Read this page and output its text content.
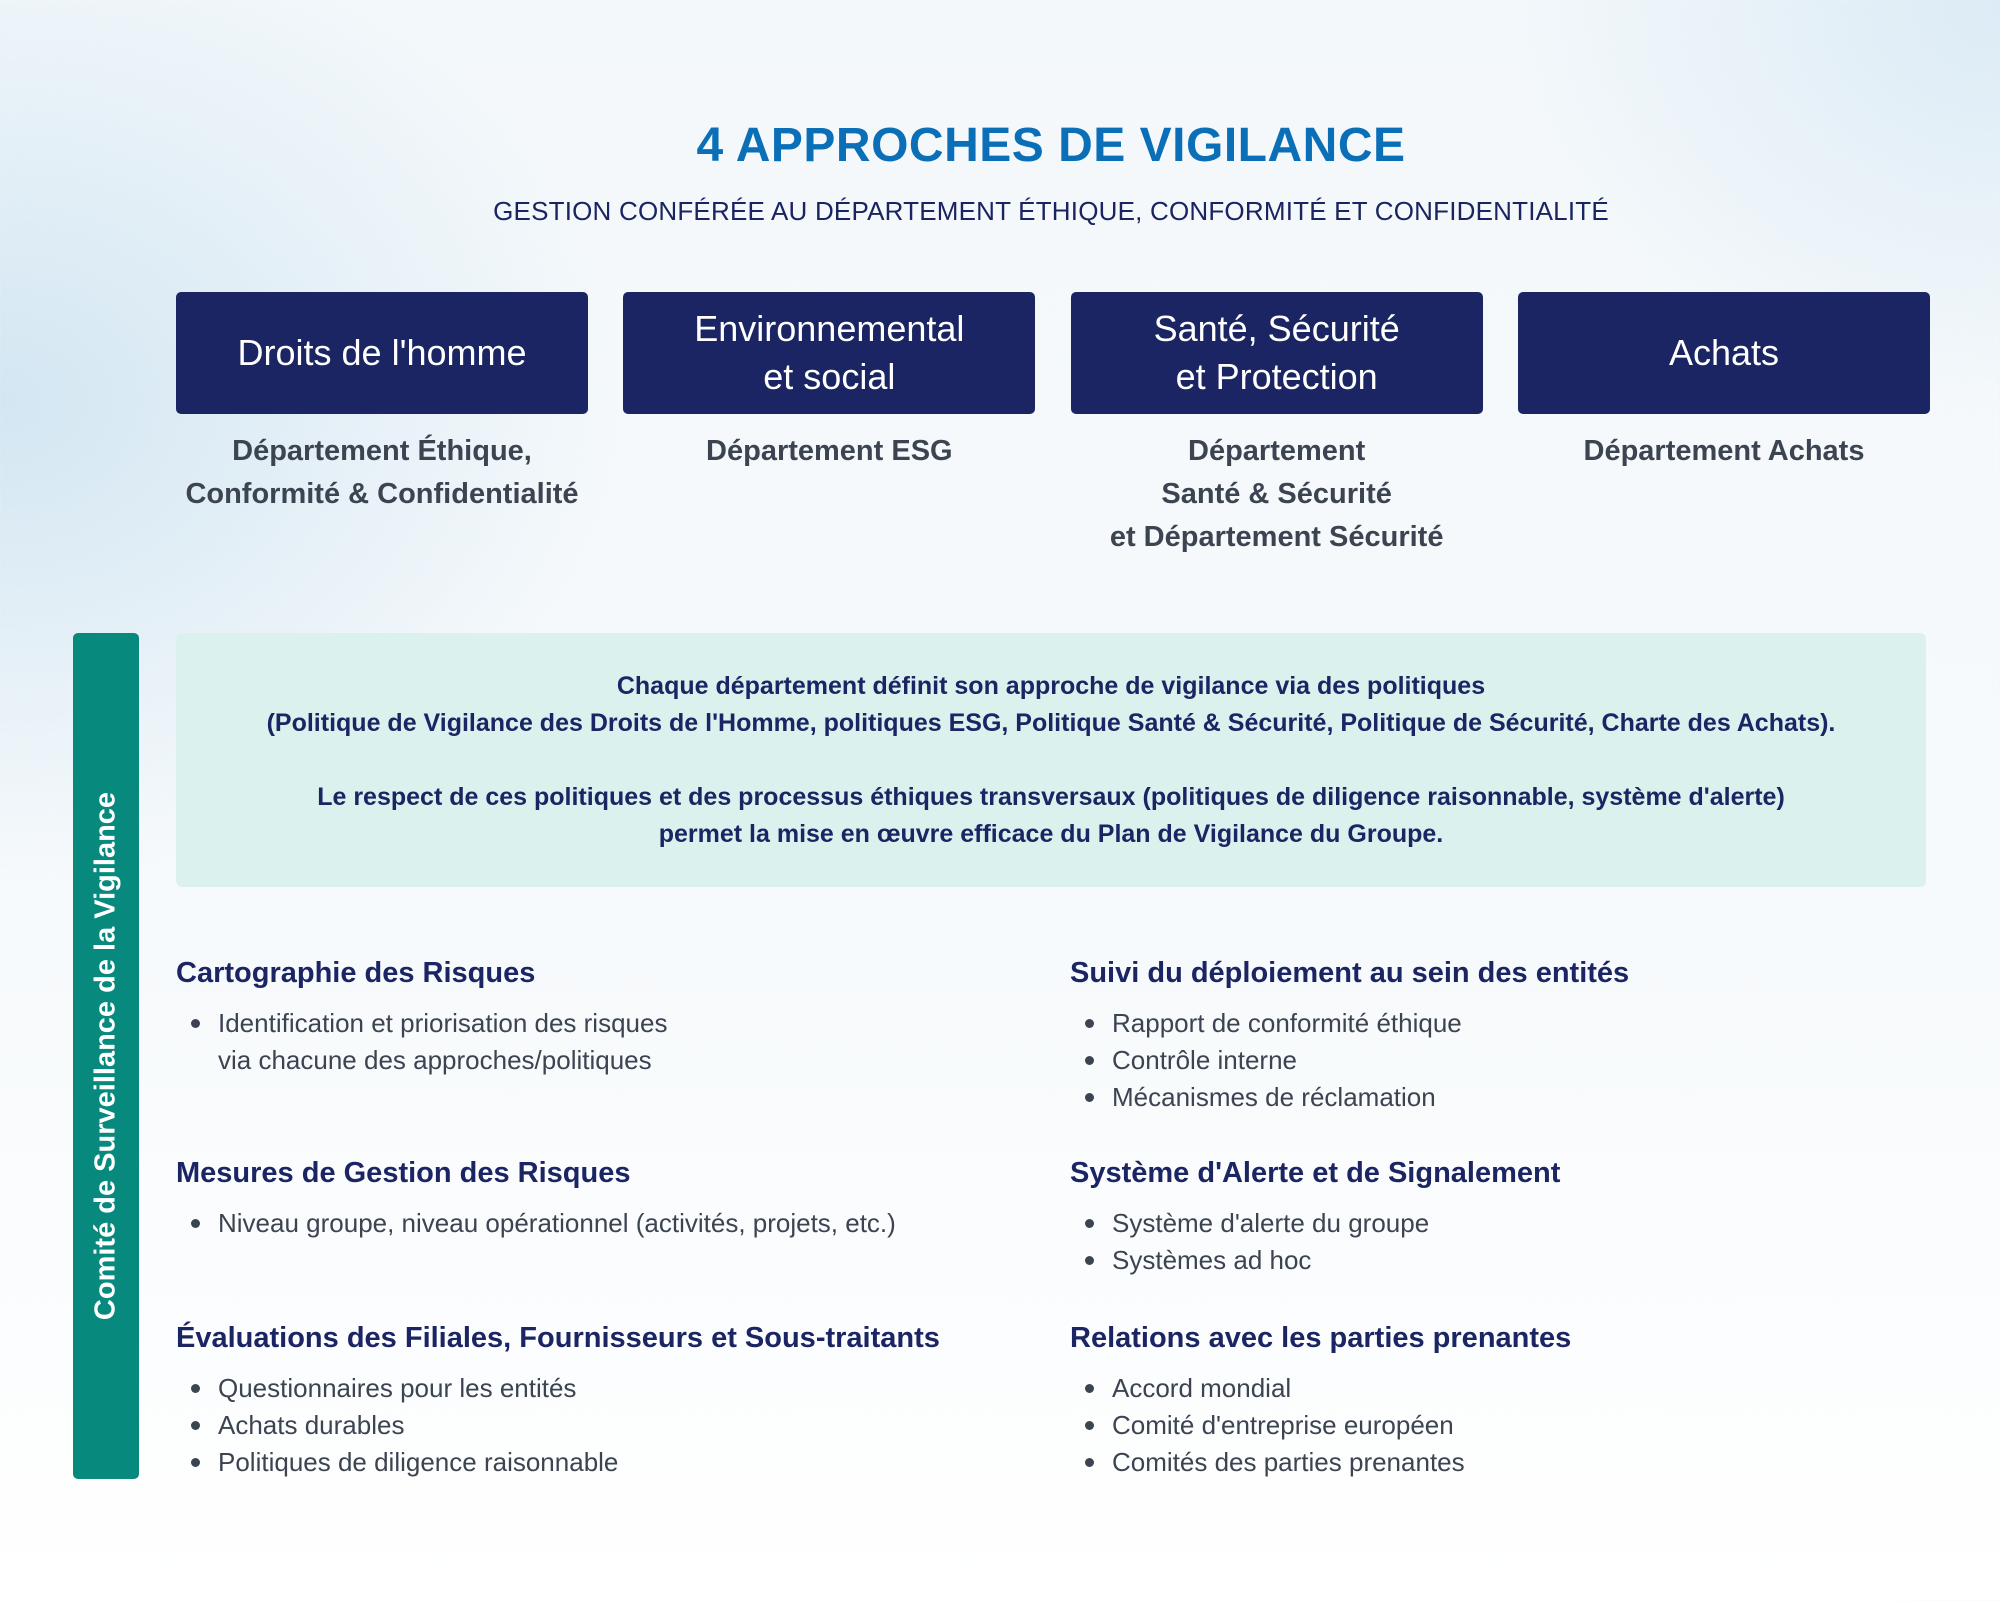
4 APPROCHES DE VIGILANCE
GESTION CONFÉRÉE AU DÉPARTEMENT ÉTHIQUE, CONFORMITÉ ET CONFIDENTIALITÉ
Droits de l'homme
Département Éthique,
Conformité & Confidentialité
Environnemental
et social
Département ESG
Santé, Sécurité
et Protection
Département
Santé & Sécurité
et Département Sécurité
Achats
Département Achats
Comité de Surveillance de la Vigilance
Chaque département définit son approche de vigilance via des politiques
(Politique de Vigilance des Droits de l'Homme, politiques ESG, Politique Santé & Sécurité, Politique de Sécurité, Charte des Achats).
Le respect de ces politiques et des processus éthiques transversaux (politiques de diligence raisonnable, système d'alerte)
permet la mise en œuvre efficace du Plan de Vigilance du Groupe.
Cartographie des Risques
Identification et priorisation des risques
via chacune des approches/politiques
Suivi du déploiement au sein des entités
Rapport de conformité éthique
Contrôle interne
Mécanismes de réclamation
Mesures de Gestion des Risques
Niveau groupe, niveau opérationnel (activités, projets, etc.)
Système d'Alerte et de Signalement
Système d'alerte du groupe
Systèmes ad hoc
Évaluations des Filiales, Fournisseurs et Sous-traitants
Questionnaires pour les entités
Achats durables
Politiques de diligence raisonnable
Relations avec les parties prenantes
Accord mondial
Comité d'entreprise européen
Comités des parties prenantes
